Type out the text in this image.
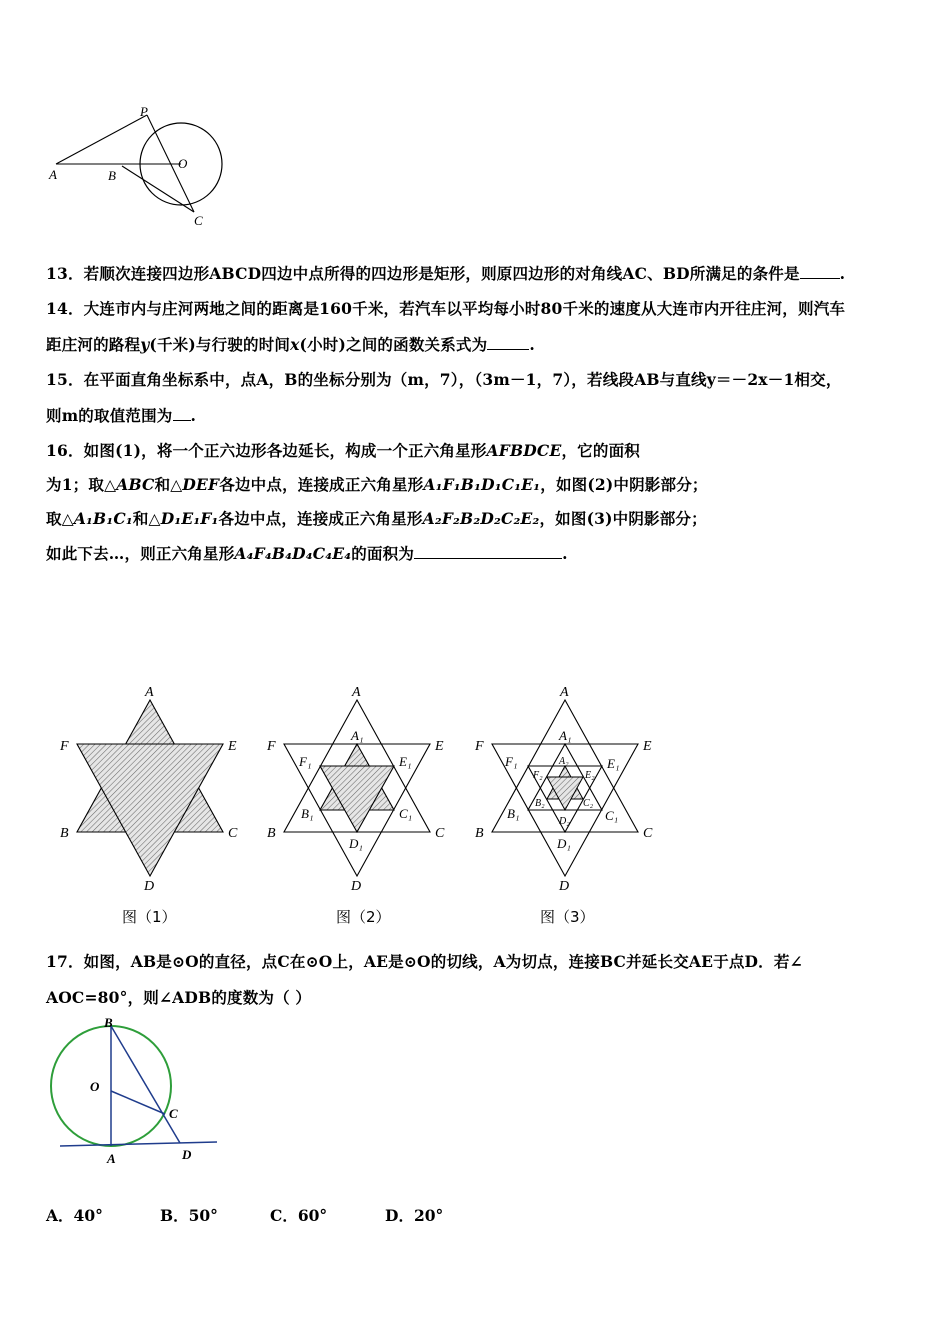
P
O
A	B
C
13．若顺次连接四边形ABCD四边中点所得的四边形是矩形，则原四边形的对角线AC、BD所满足的条件是	.
14．大连市内与庄河两地之间的距离是160千米，若汽车以平均每小时80千米的速度从大连市内开往庄河，则汽车
距庄河的路程y(千米)与行驶的时间x(小时)之间的函数关系式为	.
15．在平面直角坐标系中，点A，B的坐标分别为（m，7），（3m－1，7），若线段AB与直线y＝－2x－1相交，
则m的取值范围为 .
16．如图(1)，将一个正六边形各边延长，构成一个正六角星形AFBDCE，它的面积
为1；取△ABC和△DEF各边中点，连接成正六角星形A₁F₁B₁D₁C₁E₁，如图(2)中阴影部分；
取△A₁B₁C₁和△D₁E₁F₁各边中点，连接成正六角星形A₂F₂B₂D₂C₂E₂，如图(3)中阴影部分；
如此下去…，则正六角星形A₄F₄B₄D₄C₄E₄的面积为	.
A
F	E
B	C
D
A
F	E
B	C
D
A₁
F₁	E₁
B₁	C₁
D₁
A
F	E
B	C
D
A₁
F₁	E₁
B₁	C₁
D₁
A₂
F₂	E₂
B₂	C₂
D₂
图（1）	图（2）	图（3）
17．如图，AB是⊙O的直径，点C在⊙O上，AE是⊙O的切线，A为切点，连接BC并延长交AE于点D．若∠
AOC=80°，则∠ADB的度数为（ ）
B
O
C
A	D
A．40°	B．50°	C．60°	D．20°
